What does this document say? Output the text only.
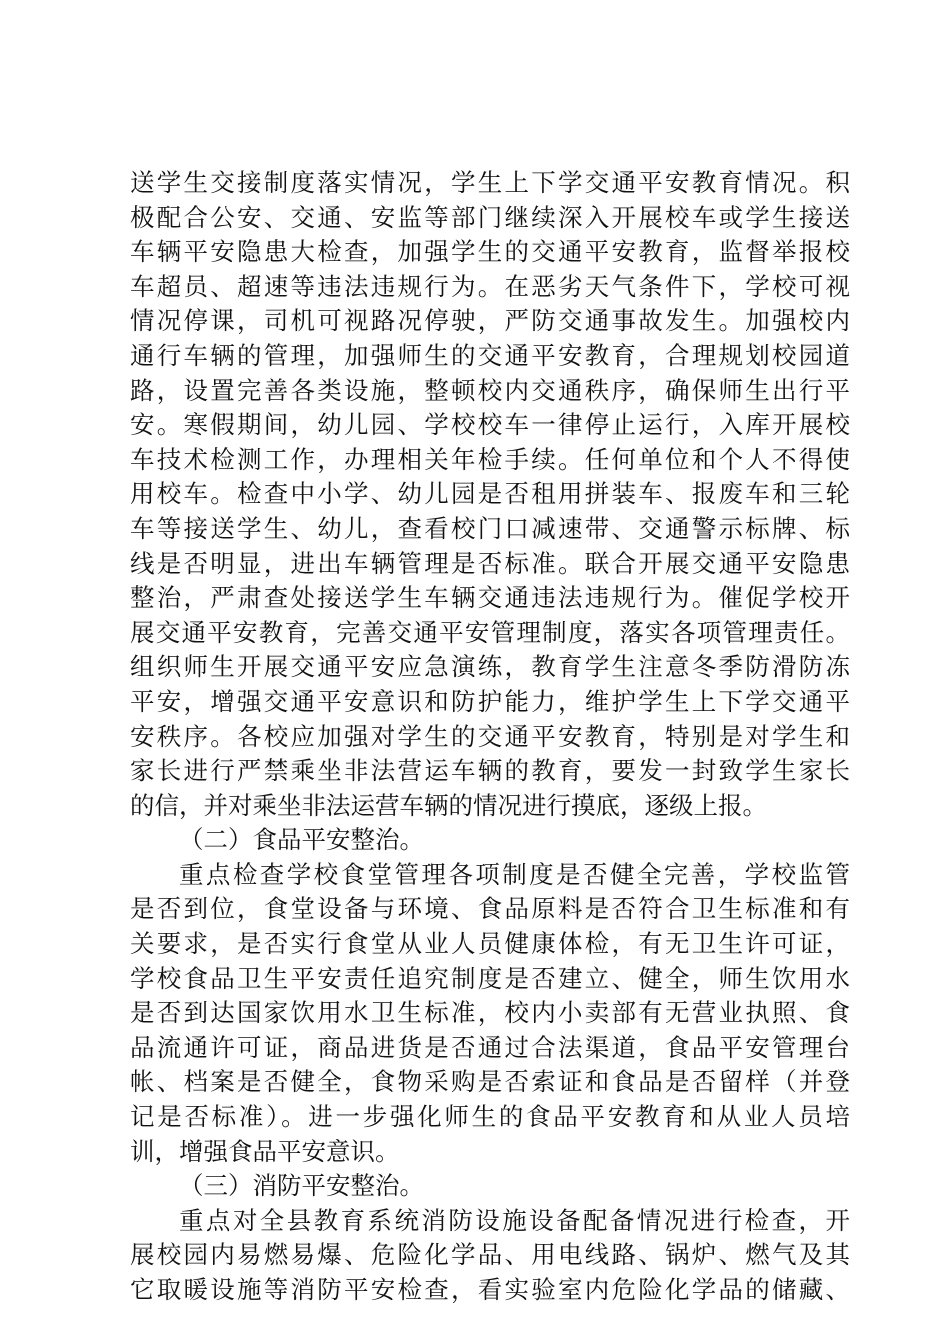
送学生交接制度落实情况，学生上下学交通平安教育情况。积
极配合公安、交通、安监等部门继续深入开展校车或学生接送
车辆平安隐患大检查，加强学生的交通平安教育，监督举报校
车超员、超速等违法违规行为。在恶劣天气条件下，学校可视
情况停课，司机可视路况停驶，严防交通事故发生。加强校内
通行车辆的管理，加强师生的交通平安教育，合理规划校园道
路，设置完善各类设施，整顿校内交通秩序，确保师生出行平
安。寒假期间，幼儿园、学校校车一律停止运行，入库开展校
车技术检测工作，办理相关年检手续。任何单位和个人不得使
用校车。检查中小学、幼儿园是否租用拼装车、报废车和三轮
车等接送学生、幼儿，查看校门口减速带、交通警示标牌、标
线是否明显，进出车辆管理是否标准。联合开展交通平安隐患
整治，严肃查处接送学生车辆交通违法违规行为。催促学校开
展交通平安教育，完善交通平安管理制度，落实各项管理责任。
组织师生开展交通平安应急演练，教育学生注意冬季防滑防冻
平安，增强交通平安意识和防护能力，维护学生上下学交通平
安秩序。各校应加强对学生的交通平安教育，特别是对学生和
家长进行严禁乘坐非法营运车辆的教育，要发一封致学生家长
的信，并对乘坐非法运营车辆的情况进行摸底，逐级上报。
（二）食品平安整治。
重点检查学校食堂管理各项制度是否健全完善，学校监管
是否到位，食堂设备与环境、食品原料是否符合卫生标准和有
关要求，是否实行食堂从业人员健康体检，有无卫生许可证，
学校食品卫生平安责任追究制度是否建立、健全，师生饮用水
是否到达国家饮用水卫生标准，校内小卖部有无营业执照、食
品流通许可证，商品进货是否通过合法渠道，食品平安管理台
帐、档案是否健全，食物采购是否索证和食品是否留样（并登
记是否标准）。进一步强化师生的食品平安教育和从业人员培
训，增强食品平安意识。
（三）消防平安整治。
重点对全县教育系统消防设施设备配备情况进行检查，开
展校园内易燃易爆、危险化学品、用电线路、锅炉、燃气及其
它取暖设施等消防平安检查，看实验室内危险化学品的储藏、
